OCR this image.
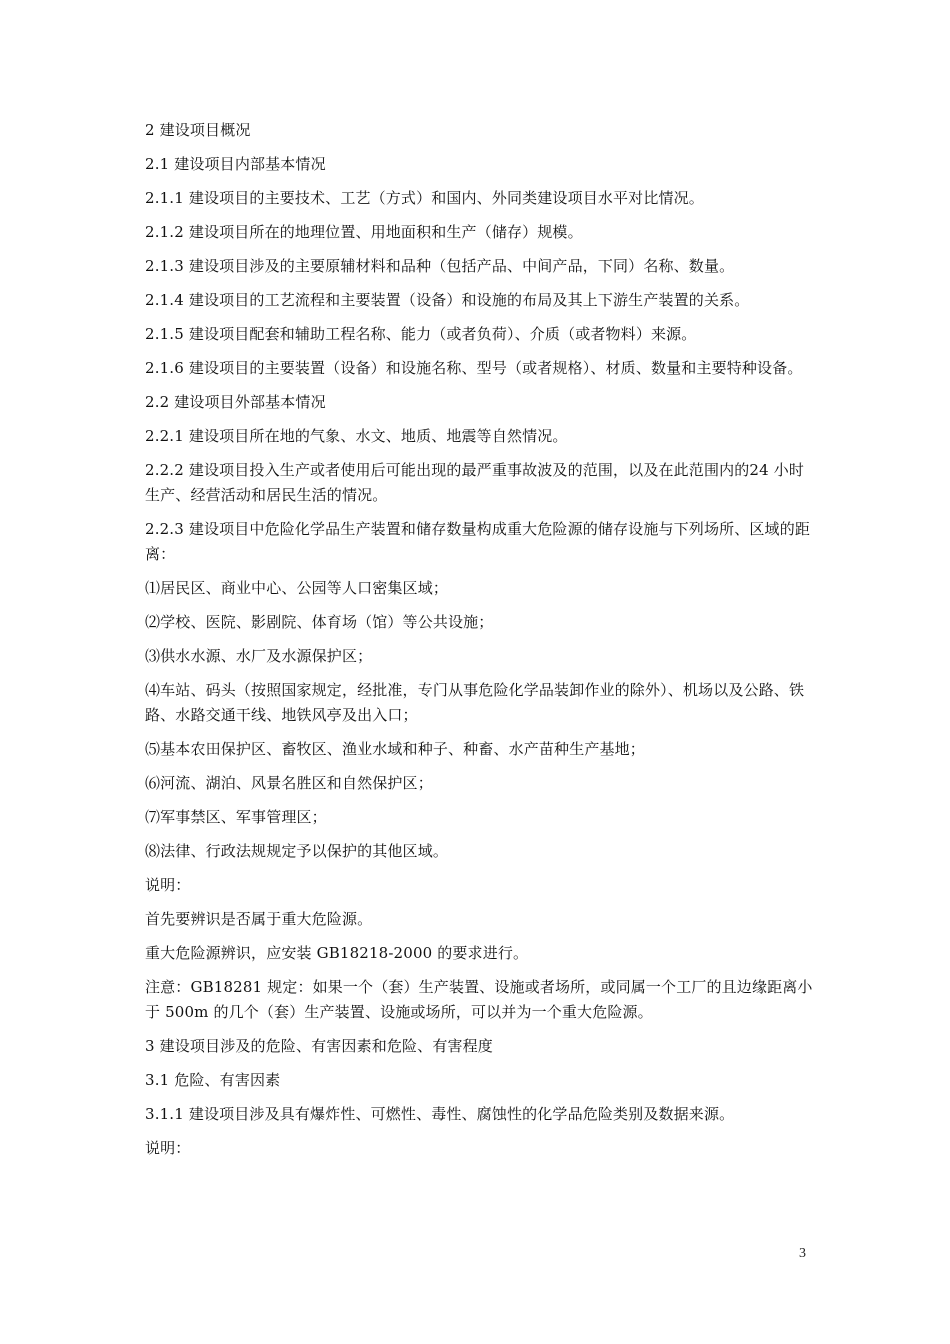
2 建设项目概况

2.1 建设项目内部基本情况

2.1.1 建设项目的主要技术、工艺（方式）和国内、外同类建设项目水平对比情况。

2.1.2 建设项目所在的地理位置、用地面积和生产（储存）规模。

2.1.3 建设项目涉及的主要原辅材料和品种（包括产品、中间产品，下同）名称、数量。

2.1.4 建设项目的工艺流程和主要装置（设备）和设施的布局及其上下游生产装置的关系。

2.1.5 建设项目配套和辅助工程名称、能力（或者负荷）、介质（或者物料）来源。

2.1.6 建设项目的主要装置（设备）和设施名称、型号（或者规格）、材质、数量和主要特种设备。

2.2 建设项目外部基本情况

2.2.1 建设项目所在地的气象、水文、地质、地震等自然情况。

2.2.2 建设项目投入生产或者使用后可能出现的最严重事故波及的范围，以及在此范围内的24 小时生产、经营活动和居民生活的情况。

2.2.3 建设项目中危险化学品生产装置和储存数量构成重大危险源的储存设施与下列场所、区域的距离：

⑴居民区、商业中心、公园等人口密集区域；

⑵学校、医院、影剧院、体育场（馆）等公共设施；

⑶供水水源、水厂及水源保护区；

⑷车站、码头（按照国家规定，经批准，专门从事危险化学品装卸作业的除外）、机场以及公路、铁路、水路交通干线、地铁风亭及出入口；

⑸基本农田保护区、畜牧区、渔业水域和种子、种畜、水产苗种生产基地；

⑹河流、湖泊、风景名胜区和自然保护区；

⑺军事禁区、军事管理区；

⑻法律、行政法规规定予以保护的其他区域。

说明：

首先要辨识是否属于重大危险源。

重大危险源辨识，应安装 GB18218-2000 的要求进行。

注意：GB18281 规定：如果一个（套）生产装置、设施或者场所，或同属一个工厂的且边缘距离小于 500m 的几个（套）生产装置、设施或场所，可以并为一个重大危险源。

3 建设项目涉及的危险、有害因素和危险、有害程度

3.1 危险、有害因素

3.1.1 建设项目涉及具有爆炸性、可燃性、毒性、腐蚀性的化学品危险类别及数据来源。

说明：

3
